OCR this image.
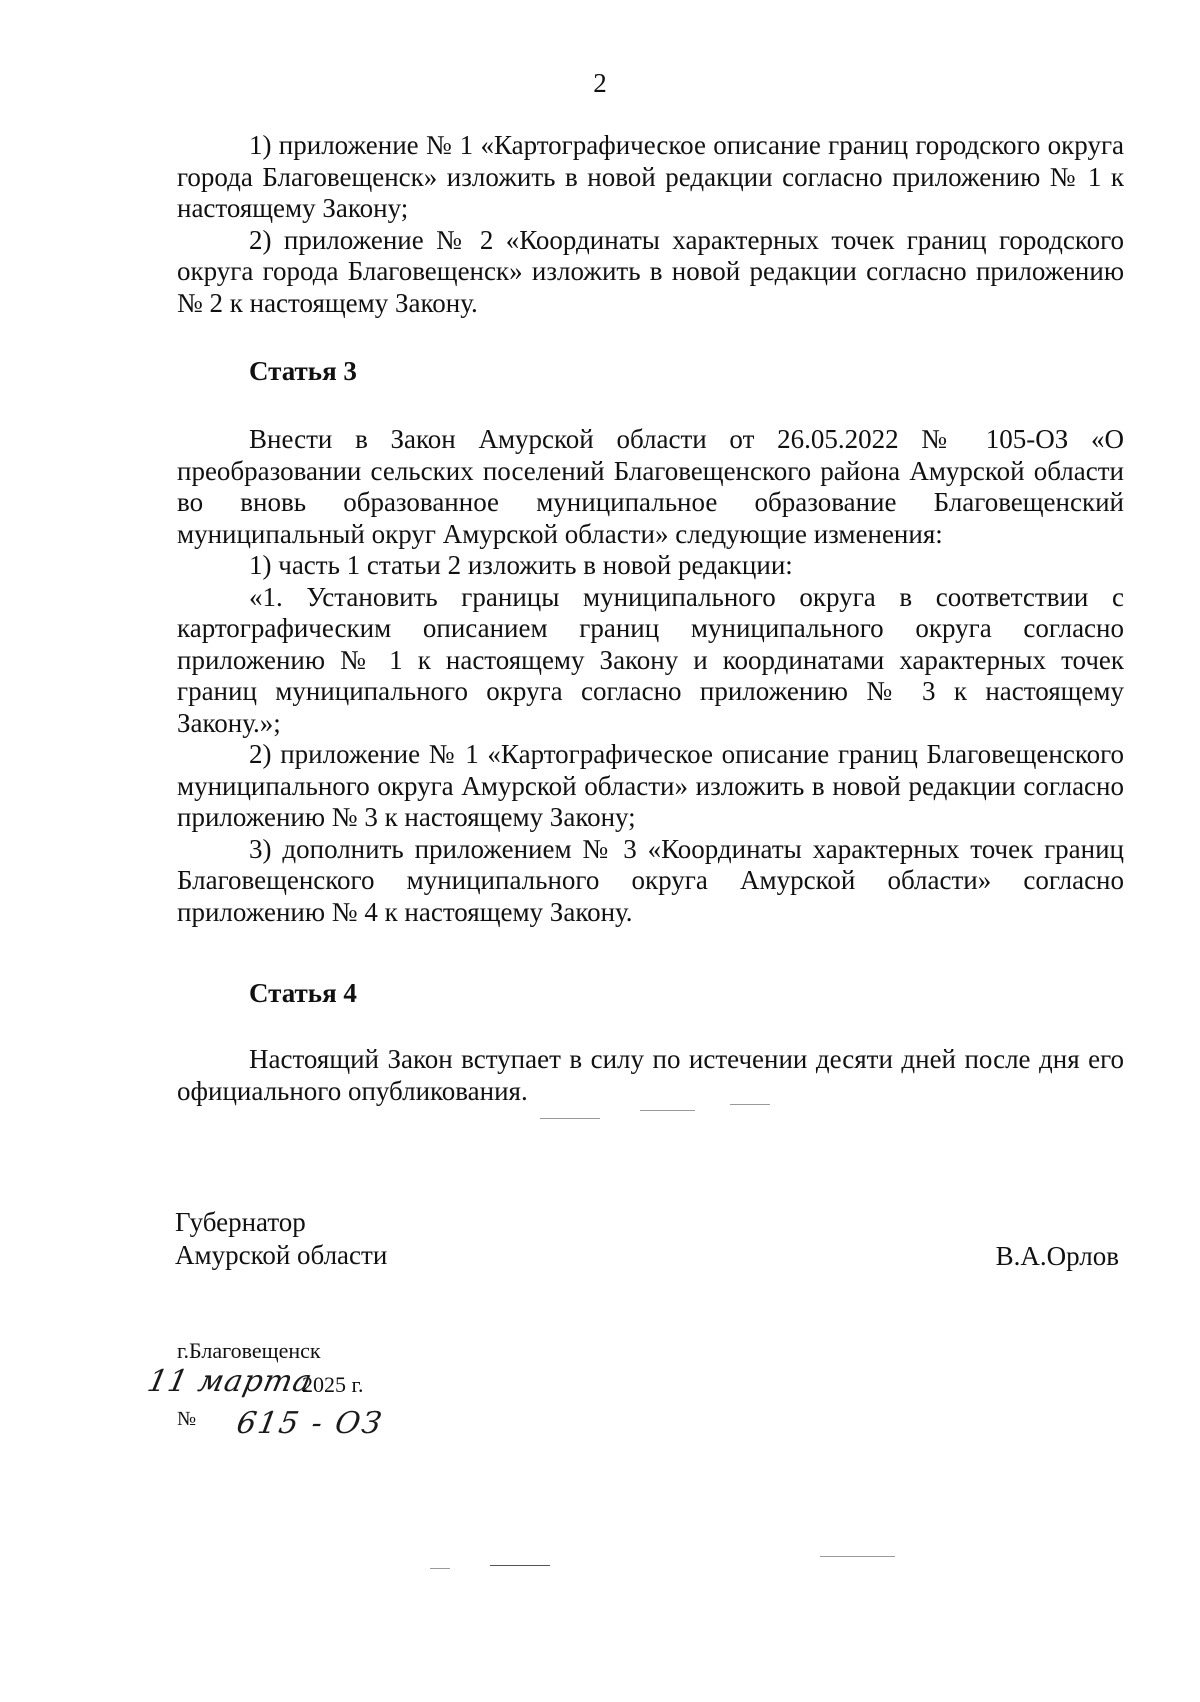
2

1) приложение № 1 «Картографическое описание границ городского округа города Благовещенск» изложить в новой редакции согласно приложению № 1 к настоящему Закону;

2) приложение № 2 «Координаты характерных точек границ городского округа города Благовещенск» изложить в новой редакции согласно приложению № 2 к настоящему Закону.

Статья 3

Внести в Закон Амурской области от 26.05.2022 № 105-ОЗ «О преобразовании сельских поселений Благовещенского района Амурской области во вновь образованное муниципальное образование Благовещенский муниципальный округ Амурской области» следующие изменения:

1) часть 1 статьи 2 изложить в новой редакции:

«1. Установить границы муниципального округа в соответствии с картографическим описанием границ муниципального округа согласно приложению № 1 к настоящему Закону и координатами характерных точек границ муниципального округа согласно приложению № 3 к настоящему Закону.»;

2) приложение № 1 «Картографическое описание границ Благовещенского муниципального округа Амурской области» изложить в новой редакции согласно приложению № 3 к настоящему Закону;

3) дополнить приложением № 3 «Координаты характерных точек границ Благовещенского муниципального округа Амурской области» согласно приложению № 4 к настоящему Закону.

Статья 4

Настоящий Закон вступает в силу по истечении десяти дней после дня его официального опубликования.

Губернатор
Амурской области	В.А.Орлов
г.Благовещенск
11 марта
2025 г.
№ 615 - ОЗ
